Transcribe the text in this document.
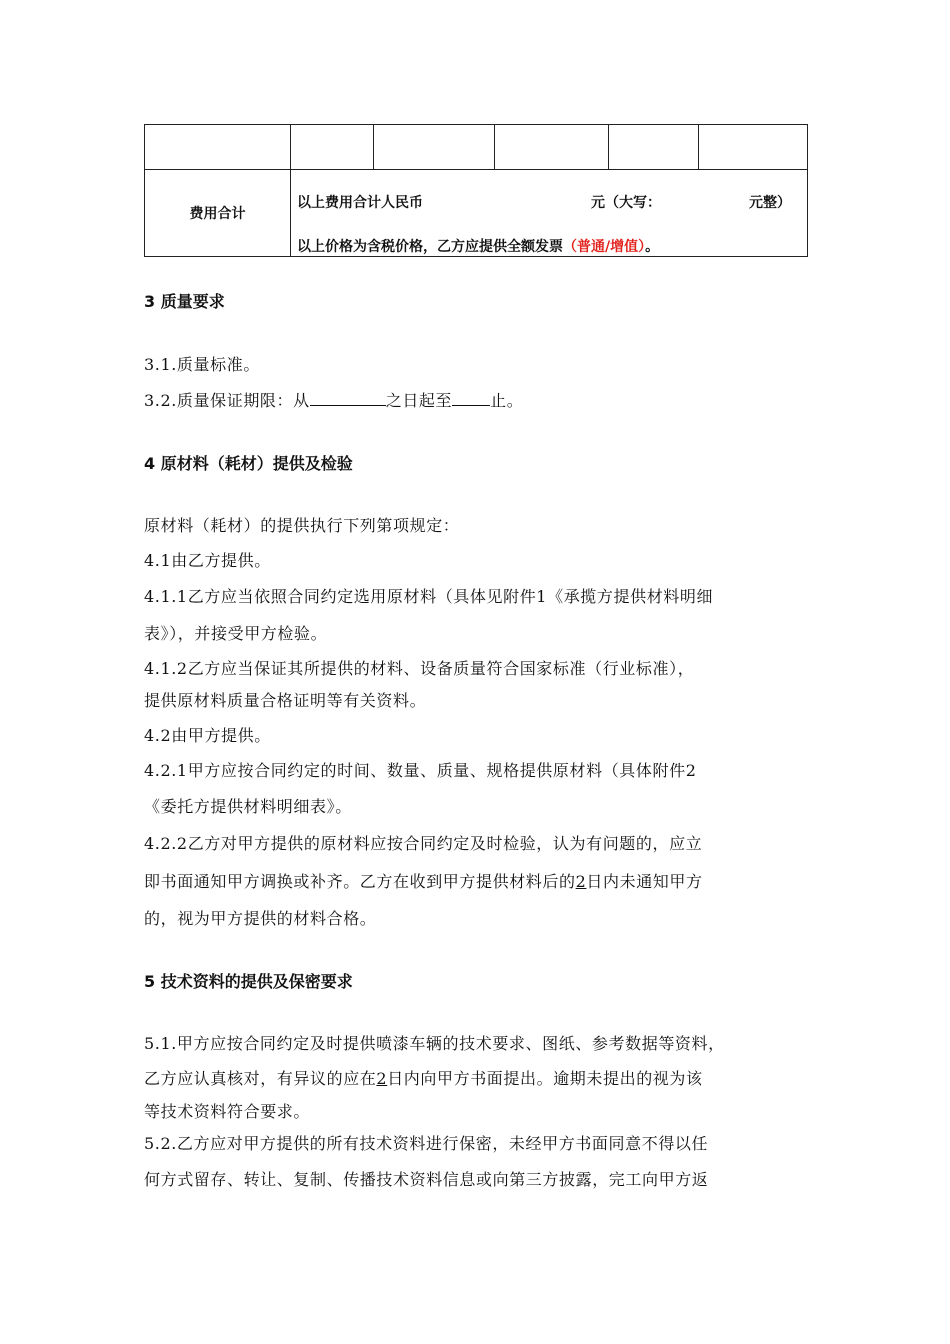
费用合计	以上费用合计人民币 元（大写： 元整）
以上价格为含税价格，乙方应提供全额发票（普通/增值）。				
3 质量要求
3.1.质量标准。
3.2.质量保证期限：从	之日起至 止。
4 原材料（耗材）提供及检验
原材料（耗材）的提供执行下列第项规定：
4.1由乙方提供。
4.1.1乙方应当依照合同约定选用原材料（具体见附件1《承揽方提供材料明细
表》），并接受甲方检验。
4.1.2乙方应当保证其所提供的材料、设备质量符合国家标准（行业标准），
提供原材料质量合格证明等有关资料。
4.2由甲方提供。
4.2.1甲方应按合同约定的时间、数量、质量、规格提供原材料（具体附件2
《委托方提供材料明细表》。
4.2.2乙方对甲方提供的原材料应按合同约定及时检验，认为有问题的，应立
即书面通知甲方调换或补齐。乙方在收到甲方提供材料后的2日内未通知甲方
的，视为甲方提供的材料合格。
5 技术资料的提供及保密要求
5.1.甲方应按合同约定及时提供喷漆车辆的技术要求、图纸、参考数据等资料，
乙方应认真核对，有异议的应在2日内向甲方书面提出。逾期未提出的视为该
等技术资料符合要求。
5.2.乙方应对甲方提供的所有技术资料进行保密，未经甲方书面同意不得以任
何方式留存、转让、复制、传播技术资料信息或向第三方披露，完工向甲方返
